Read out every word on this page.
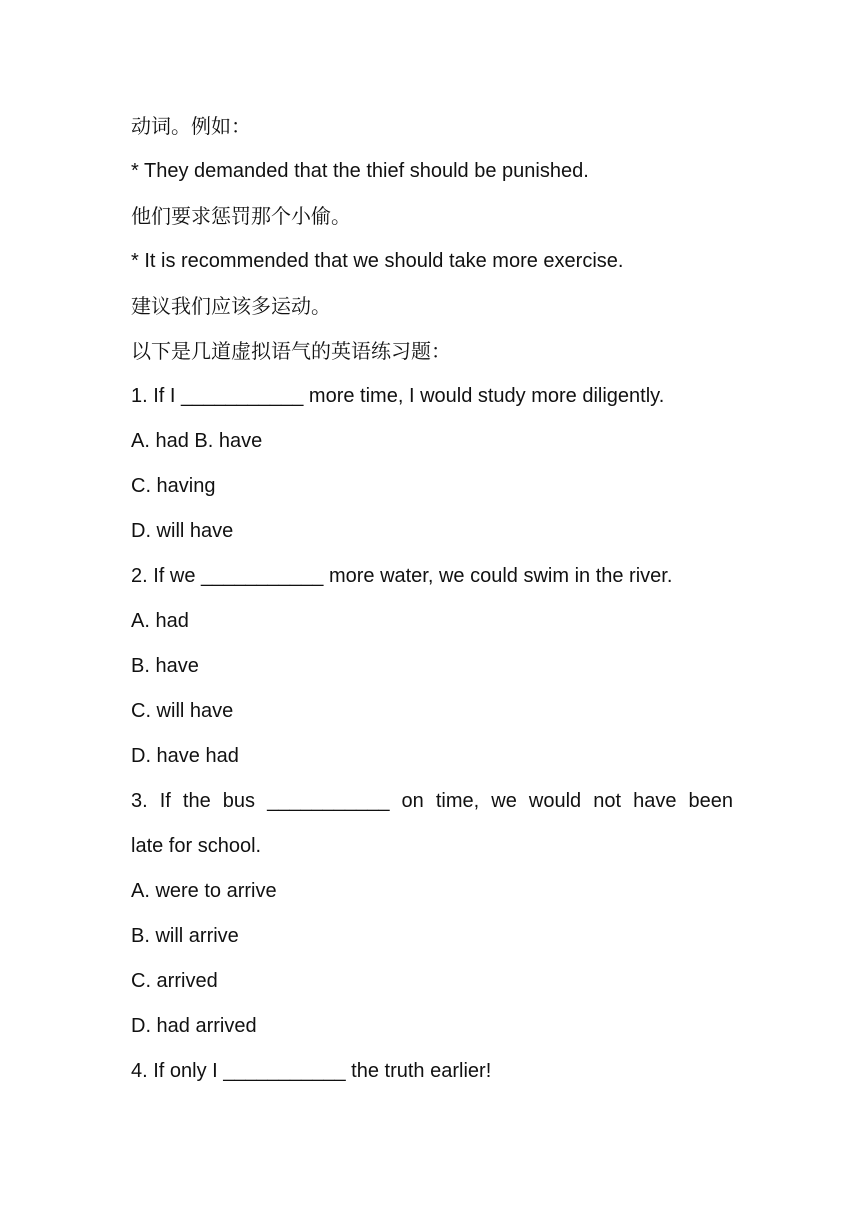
动词。例如：
* They demanded that the thief should be punished.
他们要求惩罚那个小偷。
* It is recommended that we should take more exercise.
建议我们应该多运动。
以下是几道虚拟语气的英语练习题：
1. If I ___________ more time, I would study more diligently.
A. had B. have
C. having
D. will have
2. If we ___________ more water, we could swim in the river.
A. had
B. have
C. will have
D. have had
3. If the bus ___________ on time, we would not have been
late for school.
A. were to arrive
B. will arrive
C. arrived
D. had arrived
4. If only I ___________ the truth earlier!
